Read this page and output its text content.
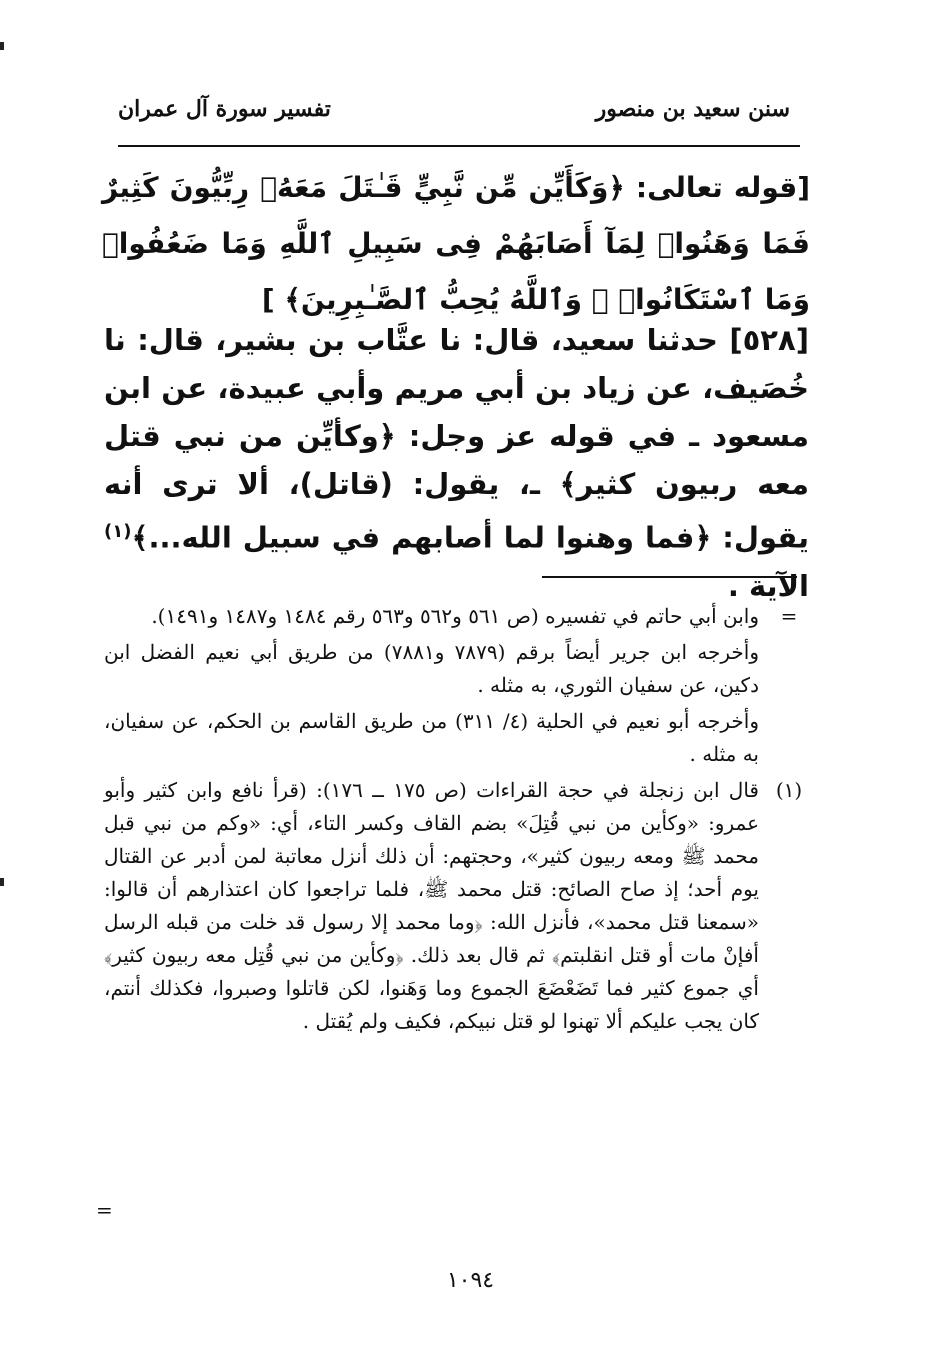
سنن سعيد بن منصور
تفسير سورة آل عمران
[قوله تعالى: ﴿وَكَأَيِّن مِّن نَّبِيٍّ قَـٰتَلَ مَعَهُۥ رِبِّيُّونَ كَثِيرٌ فَمَا وَهَنُوا۟ لِمَآ أَصَابَهُمْ فِى سَبِيلِ ٱللَّهِ وَمَا ضَعُفُوا۟ وَمَا ٱسْتَكَانُوا۟ ۗ وَٱللَّهُ يُحِبُّ ٱلصَّـٰبِرِينَ﴾ ]
[٥٢٨] حدثنا سعيد، قال: نا عتَّاب بن بشير، قال: نا خُصَيف، عن زياد بن أبي مريم وأبي عبيدة، عن ابن مسعود ـ في قوله عز وجل: ﴿وكأيِّن من نبي قتل معه ربيون كثير﴾ ـ، يقول: (قاتل)، ألا ترى أنه يقول: ﴿فما وهنوا لما أصابهم في سبيل الله...﴾$^{(١)}$ الآية .

=
وابن أبي حاتم في تفسيره (ص ٥٦١ و٥٦٢ و٥٦٣ رقم ١٤٨٤ و١٤٨٧ و١٤٩١).

وأخرجه ابن جرير أيضاً برقم (٧٨٧٩ و٧٨٨١) من طريق أبي نعيم الفضل ابن دكين، عن سفيان الثوري، به مثله .

وأخرجه أبو نعيم في الحلية (٤/ ٣١١) من طريق القاسم بن الحكم، عن سفيان، به مثله .

(١)
قال ابن زنجلة في حجة القراءات (ص ١٧٥ ــ ١٧٦): (قرأ نافع وابن كثير وأبو عمرو: «وكأين من نبي قُتِلَ» بضم القاف وكسر التاء، أي: «وكم من نبي قبل محمد ﷺ ومعه ربيون كثير»، وحجتهم: أن ذلك أنزل معاتبة لمن أدبر عن القتال يوم أحد؛ إذ صاح الصائح: قتل محمد ﷺ، فلما تراجعوا كان اعتذارهم أن قالوا: «سمعنا قتل محمد»، فأنزل الله: ﴿وما محمد إلا رسول قد خلت من قبله الرسل أفإنْ مات أو قتل انقلبتم﴾ ثم قال بعد ذلك. ﴿وكأين من نبي قُتِل معه ربيون كثير﴾ أي جموع كثير فما تَضَعْضَعَ الجموع وما وَهَنوا، لكن قاتلوا وصبروا، فكذلك أنتم، كان يجب عليكم ألا تهنوا لو قتل نبيكم، فكيف ولم يُقتل .

=
١٠٩٤
